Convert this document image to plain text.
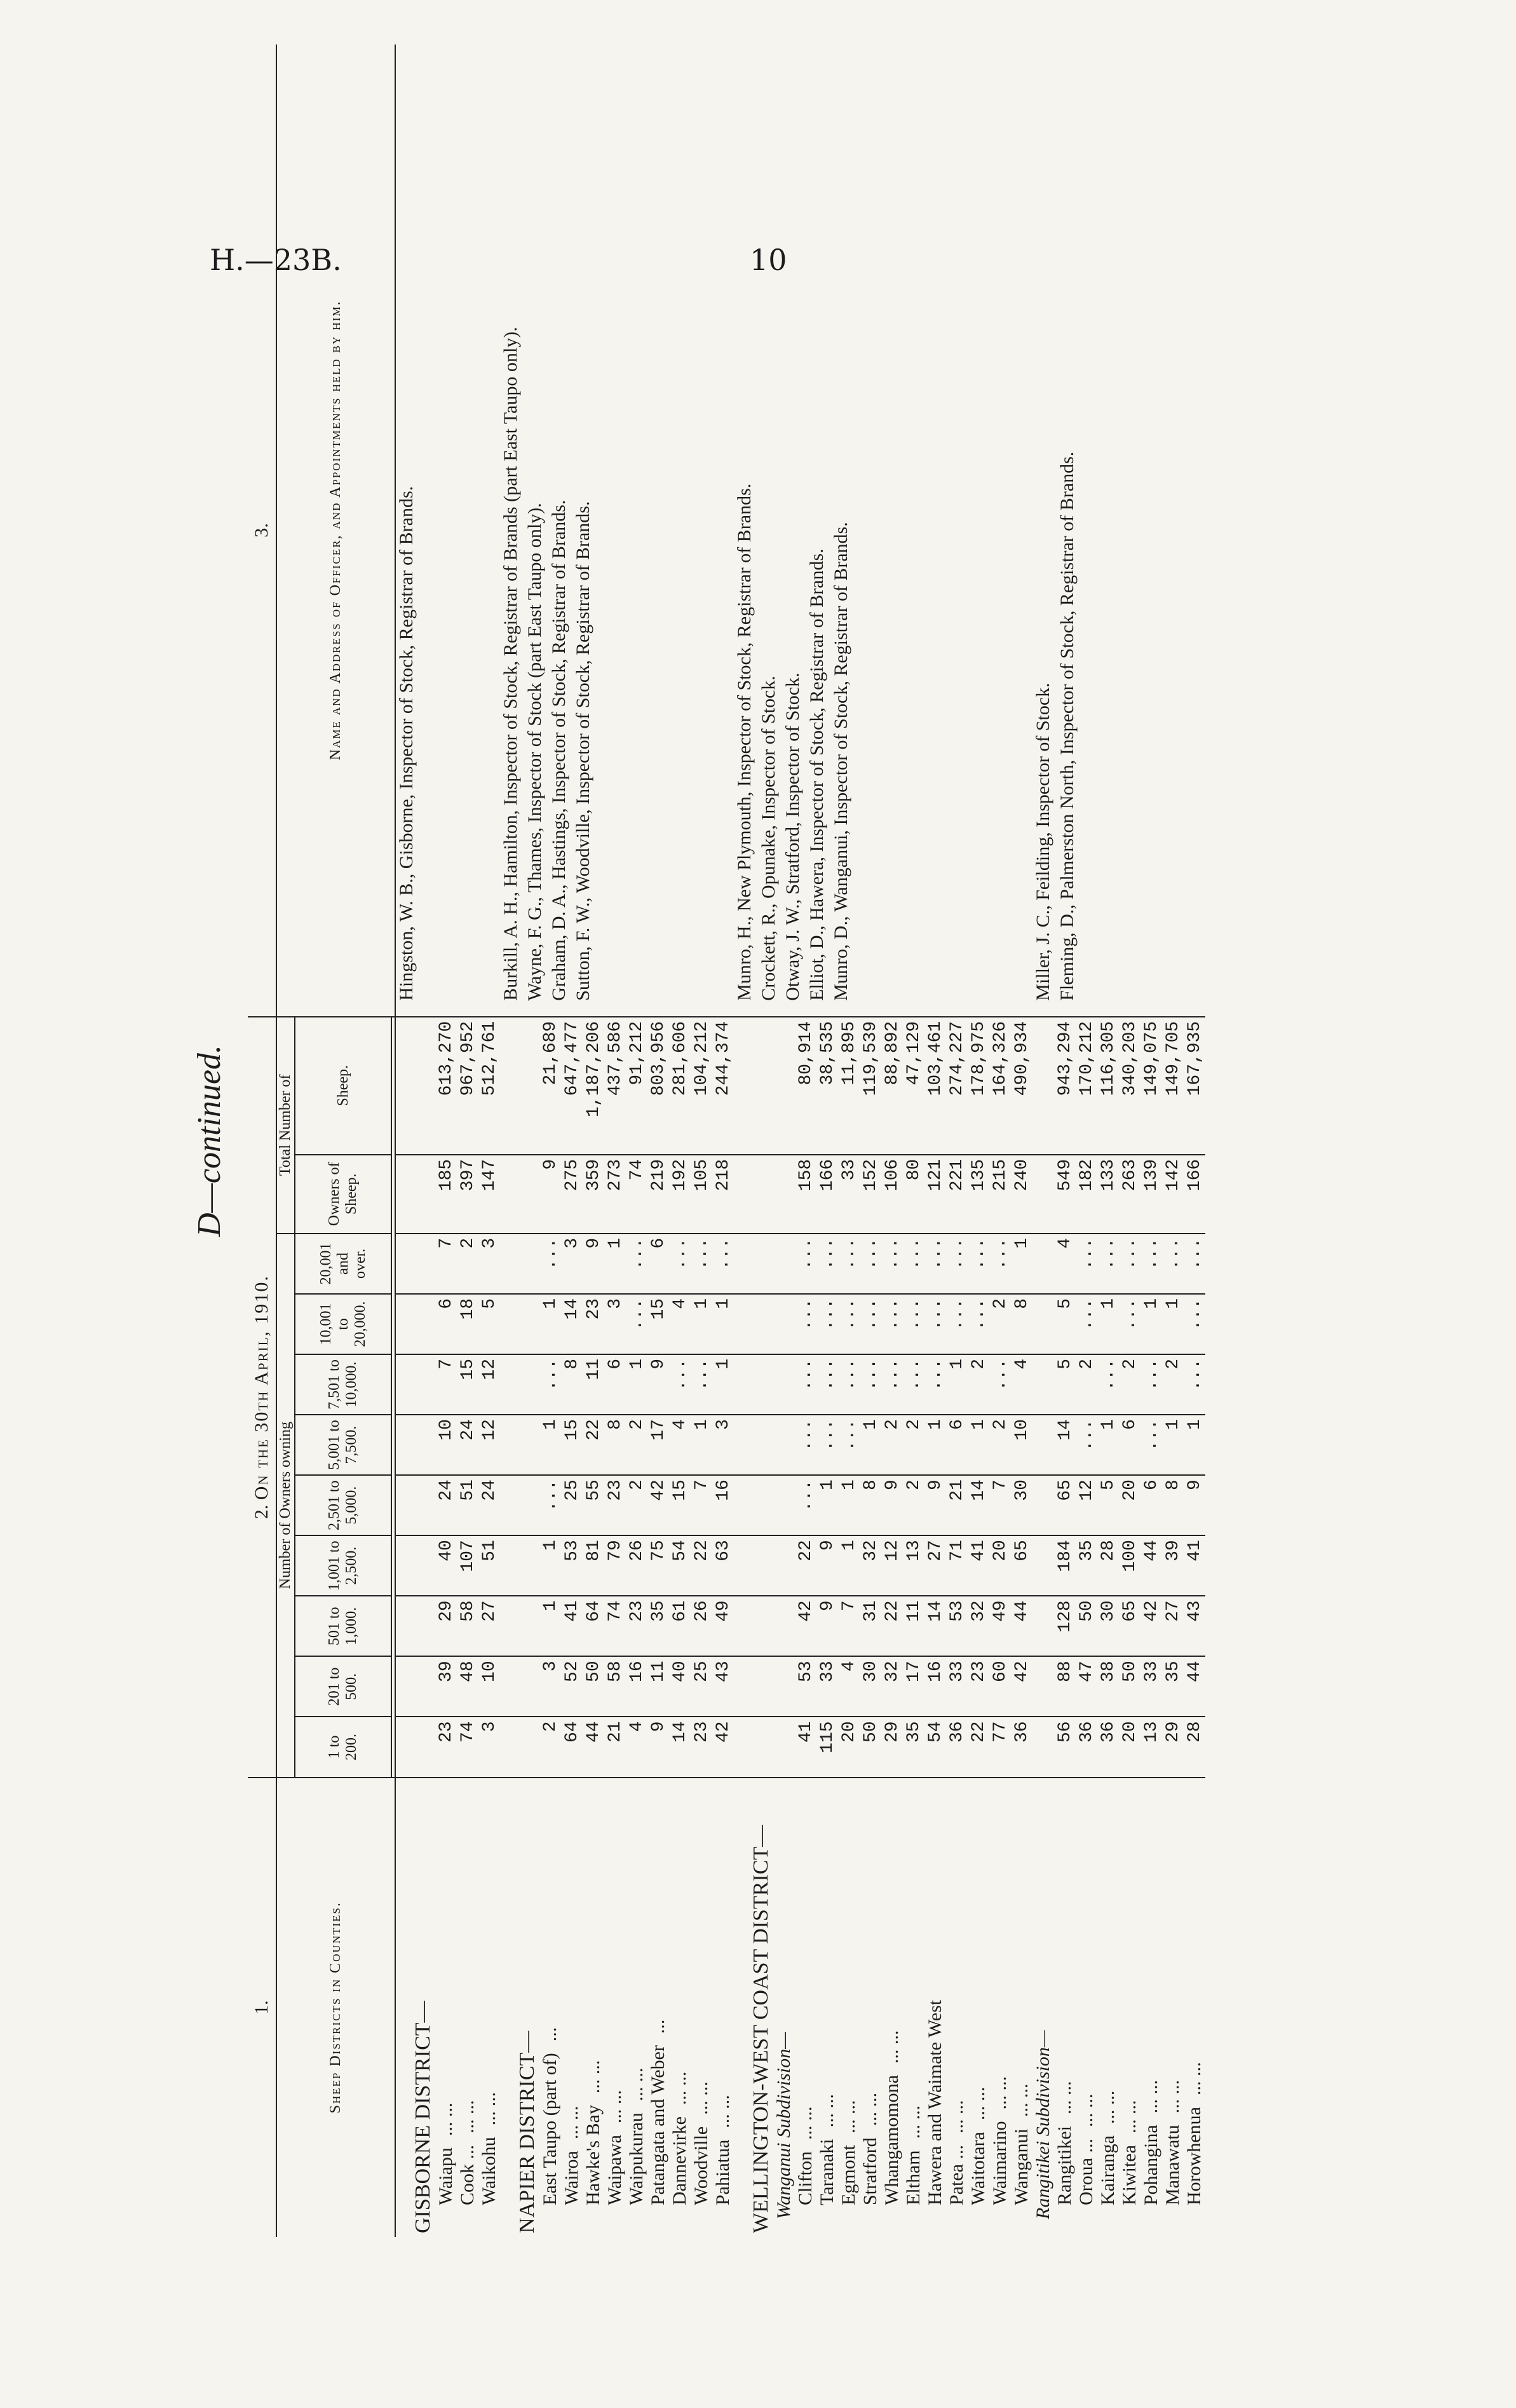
H.—23B.	10
D—continued.
1.	2. On the 30th April, 1910.											3.
Sheep Districts in Counties.	Number of Owners owning									Total Number of		Name and Address of Officer, and Appointments held by him.
	1 to 200.	201 to 500.	501 to 1,000.	1,001 to 2,500.	2,501 to 5,000.	5,001 to 7,500.	7,501 to 10,000.	10,001 to 20,000.	20,001 and over.	Owners of Sheep.	Sheep.	

GISBORNE DISTRICT—												Hingston, W. B., Gisborne, Inspector of Stock, Registrar of Brands.

Waiapu... ...	23	39	29	40	24	10	7	6	7	185	613,270	
Cook ...... ...	74	48	58	107	51	24	15	18	2	397	967,952	
Waikohu... ...	3	10	27	51	24	12	12	5	3	147	512,761	
NAPIER DISTRICT—												Burkill, A. H., Hamilton, Inspector of Stock, Registrar of Brands (part East Taupo only). Wayne, F. G., Thames, Inspector of Stock (part East Taupo only). Graham, D. A., Hastings, Inspector of Stock, Registrar of Brands. Sutton, F. W., Woodville, Inspector of Stock, Registrar of Brands.

East Taupo (part of)...	2	3	1	1	...	1	...	1	...	9	21,689	
Wairoa... ...	64	52	41	53	25	15	8	14	3	275	647,477	
Hawke's Bay... ...	44	50	64	81	55	22	11	23	9	359	1,187,206	
Waipawa... ...	21	58	74	79	23	8	6	3	1	273	437,586	
Waipukurau... ...	4	16	23	26	2	2	1	...	...	74	91,212	
Patangata and Weber...	9	11	35	75	42	17	9	15	6	219	803,956	
Dannevirke... ...	14	40	61	54	15	4	...	4	...	192	281,606	
Woodville... ...	23	25	26	22	7	1	...	1	...	105	104,212	
Pahiatua... ...	42	43	49	63	16	3	1	1	...	218	244,374	
WELLINGTON-WEST COAST DISTRICT—												Munro, H., New Plymouth, Inspector of Stock, Registrar of Brands. Crockett, R., Opunake, Inspector of Stock. Otway, J. W., Stratford, Inspector of Stock. Elliot, D., Hawera, Inspector of Stock, Registrar of Brands. Munro, D., Wanganui, Inspector of Stock, Registrar of Brands.

Wanganui Subdivision—												
Clifton... ...	41	53	42	22	...	...	...	...	...	158	80,914	
Taranaki... ...	115	33	9	9	1	...	...	...	...	166	38,535	
Egmont... ...	20	4	7	1	1	...	...	...	...	33	11,895	
Stratford... ...	50	30	31	32	8	1	...	...	...	152	119,539	
Whangamomona... ...	29	32	22	12	9	2	...	...	...	106	88,892	
Eltham... ...	35	17	11	13	2	2	...	...	...	80	47,129	
Hawera and Waimate West	54	16	14	27	9	1	...	...	...	121	103,461	
Patea ...... ...	36	33	53	71	21	6	1	...	...	221	274,227	
Waitotara... ...	22	23	32	41	14	1	2	...	...	135	178,975	
Waimarino... ...	77	60	49	20	7	2	...	2	...	215	164,326	
Wanganui... ...	36	42	44	65	30	10	4	8	1	240	490,934	
Rangitikei Subdivision—												Miller, J. C., Feilding, Inspector of Stock. Fleming, D., Palmerston North, Inspector of Stock, Registrar of Brands.

Rangitikei... ...	56	88	128	184	65	14	5	5	4	549	943,294	
Oroua ...... ...	36	47	50	35	12	...	2	...	...	182	170,212	
Kairanga... ...	36	38	30	28	5	1	...	1	...	133	116,305	
Kiwitea... ...	20	50	65	100	20	6	2	...	...	263	340,203	
Pohangina... ...	13	33	42	44	6	...	...	1	...	139	149,075	
Manawatu... ...	29	35	27	39	8	1	2	1	...	142	149,705	
Horowhenua... ...	28	44	43	41	9	1	...	...	...	166	167,935	
